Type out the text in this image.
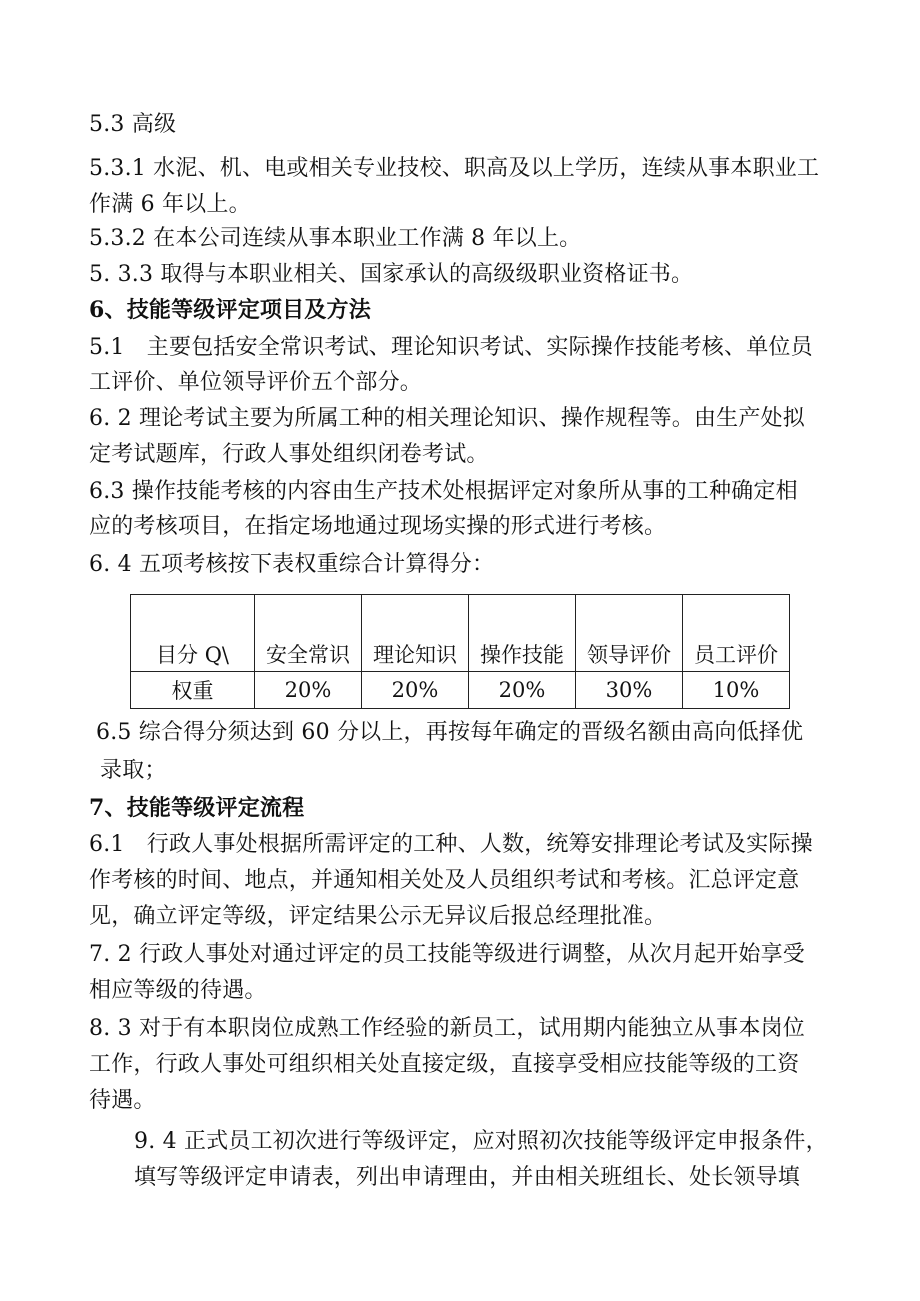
5.3 高级
5.3.1 水泥、机、电或相关专业技校、职高及以上学历，连续从事本职业工
作满 6 年以上。
5.3.2 在本公司连续从事本职业工作满 8 年以上。
5. 3.3 取得与本职业相关、国家承认的高级级职业资格证书。
6、技能等级评定项目及方法
5.1　主要包括安全常识考试、理论知识考试、实际操作技能考核、单位员
工评价、单位领导评价五个部分。
6. 2 理论考试主要为所属工种的相关理论知识、操作规程等。由生产处拟
定考试题库，行政人事处组织闭卷考试。
6.3 操作技能考核的内容由生产技术处根据评定对象所从事的工种确定相
应的考核项目，在指定场地通过现场实操的形式进行考核。
6. 4 五项考核按下表权重综合计算得分：
目分 Q\	安全常识	理论知识	操作技能	领导评价	员工评价
权重	20%	20%	20%	30%	10%
6.5 综合得分须达到 60 分以上，再按每年确定的晋级名额由高向低择优
录取；
7、技能等级评定流程
6.1　行政人事处根据所需评定的工种、人数，统筹安排理论考试及实际操
作考核的时间、地点，并通知相关处及人员组织考试和考核。汇总评定意
见，确立评定等级，评定结果公示无异议后报总经理批准。
7. 2 行政人事处对通过评定的员工技能等级进行调整，从次月起开始享受
相应等级的待遇。
8. 3 对于有本职岗位成熟工作经验的新员工，试用期内能独立从事本岗位
工作，行政人事处可组织相关处直接定级，直接享受相应技能等级的工资
待遇。
9. 4 正式员工初次进行等级评定，应对照初次技能等级评定申报条件，
填写等级评定申请表，列出申请理由，并由相关班组长、处长领导填
